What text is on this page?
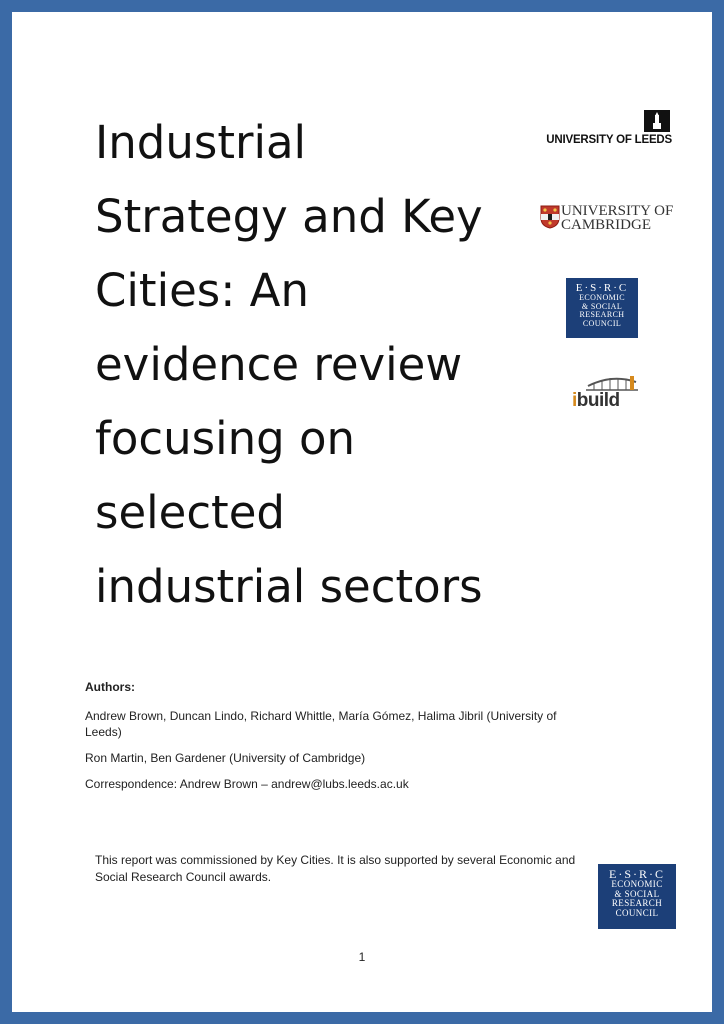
Industrial
Strategy and Key
Cities: An
evidence review
focusing on
selected
industrial sectors
UNIVERSITY OF LEEDS
UNIVERSITY OF
CAMBRIDGE
E·S·R·C
ECONOMIC
& SOCIAL
RESEARCH
COUNCIL
ibuild
Authors:

Andrew Brown, Duncan Lindo, Richard Whittle, María Gómez, Halima Jibril (University of Leeds)

Ron Martin, Ben Gardener (University of Cambridge)

Correspondence: Andrew Brown – andrew@lubs.leeds.ac.uk

This report was commissioned by Key Cities. It is also supported by several Economic and Social Research Council awards.	E·S·R·C
ECONOMIC
& SOCIAL
RESEARCH
COUNCIL
1
